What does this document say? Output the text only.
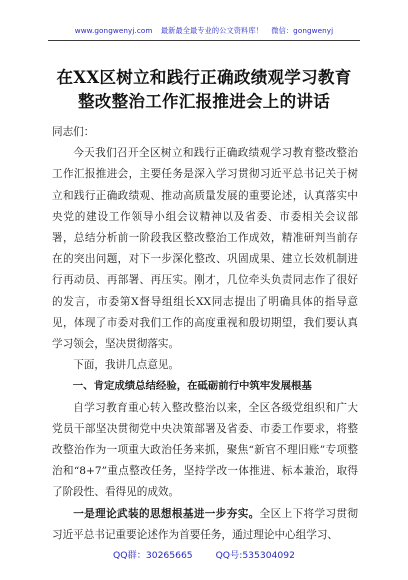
www.gongwenyj.com 最新最全最专业的公文资料库！ 微信：gongwenyj
在XX区树立和践行正确政绩观学习教育
整改整治工作汇报推进会上的讲话

同志们：

今天我们召开全区树立和践行正确政绩观学习教育整改整治工作汇报推进会，主要任务是深入学习贯彻习近平总书记关于树立和践行正确政绩观、推动高质量发展的重要论述，认真落实中央党的建设工作领导小组会议精神以及省委、市委相关会议部署，总结分析前一阶段我区整改整治工作成效，精准研判当前存在的突出问题，对下一步深化整改、巩固成果、建立长效机制进行再动员、再部署、再压实。刚才，几位牵头负责同志作了很好的发言，市委第X督导组组长XX同志提出了明确具体的指导意见，体现了市委对我们工作的高度重视和殷切期望，我们要认真学习领会，坚决贯彻落实。

下面，我讲几点意见。

一、肯定成绩总结经验，在砥砺前行中筑牢发展根基

自学习教育重心转入整改整治以来，全区各级党组织和广大党员干部坚决贯彻党中央决策部署及省委、市委工作要求，将整改整治作为一项重大政治任务来抓，聚焦“新官不理旧账”专项整治和“8+7”重点整改任务，坚持学改一体推进、标本兼治，取得了阶段性、看得见的成效。

一是理论武装的思想根基进一步夯实。全区上下将学习贯彻习近平总书记重要论述作为首要任务，通过理论中心组学习、

QQ群：30265665 QQ号:535304092
